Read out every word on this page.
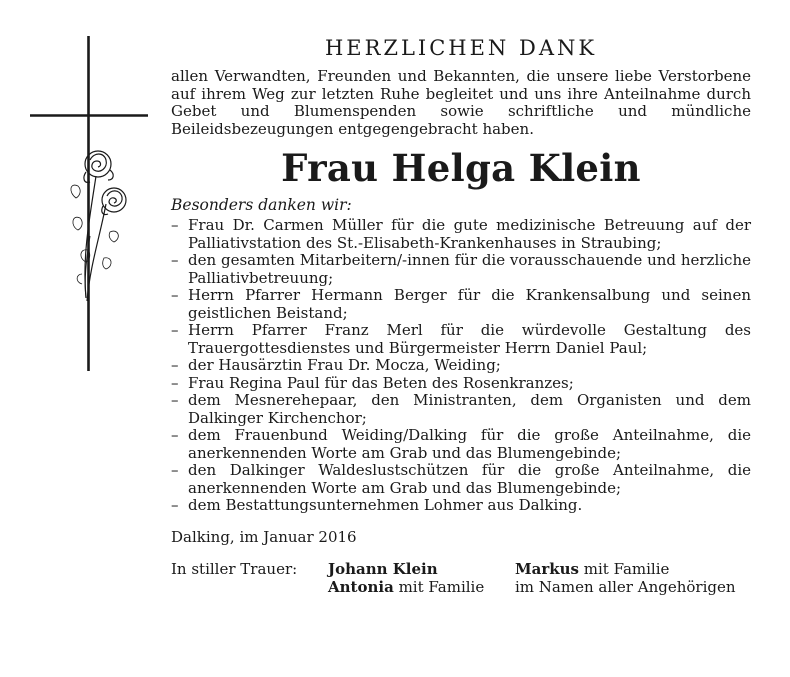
HERZLICHEN DANK

allen Verwandten, Freunden und Bekannten, die unsere liebe Verstorbene auf ihrem Weg zur letzten Ruhe begleitet und uns ihre Anteilnahme durch Gebet und Blumenspenden sowie schriftliche und mündliche Beileidsbezeugungen entgegengebracht haben.

Frau Helga Klein
Besonders danken wir:
– Frau Dr. Carmen Müller für die gute medizinische Betreuung auf der Palliativstation des St.-Elisabeth-Krankenhauses in Straubing;
– den gesamten Mitarbeitern/-innen für die vorausschauende und herzliche Palliativbetreuung;
– Herrn Pfarrer Hermann Berger für die Krankensalbung und seinen geistlichen Beistand;
– Herrn Pfarrer Franz Merl für die würdevolle Gestaltung des Trauergottesdienstes und Bürgermeister Herrn Daniel Paul;
– der Hausärztin Frau Dr. Mocza, Weiding;
– Frau Regina Paul für das Beten des Rosenkranzes;
– dem Mesnerehepaar, den Ministranten, dem Organisten und dem Dalkinger Kirchenchor;
– dem Frauenbund Weiding/Dalking für die große Anteilnahme, die anerkennenden Worte am Grab und das Blumengebinde;
– den Dalkinger Waldeslustschützen für die große Anteilnahme, die anerkennenden Worte am Grab und das Blumengebinde;
– dem Bestattungsunternehmen Lohmer aus Dalking.
Dalking, im Januar 2016
In stiller Trauer: Johann Klein
Antonia mit Familie
Markus mit Familie
im Namen aller Angehörigen
